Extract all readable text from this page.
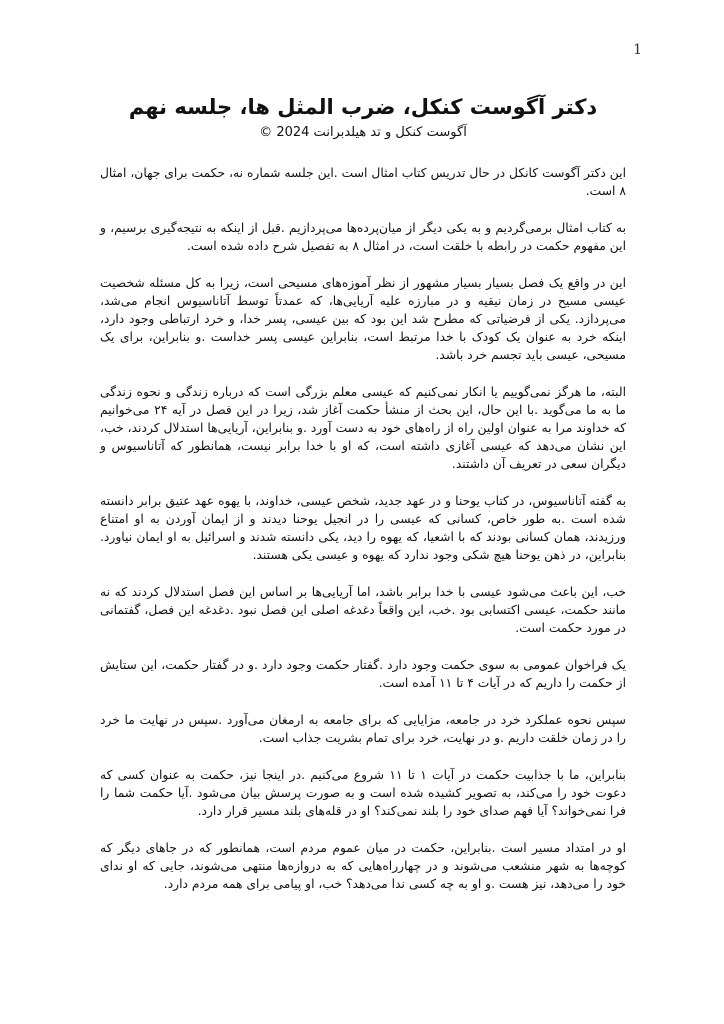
1
دکتر آگوست کنکل، ضرب المثل ها، جلسه نهم
آگوست کنکل و تد هیلدبرانت 2024 ©

این دکتر آگوست کانکل در حال تدریس کتاب امثال است .این جلسه شماره نه، حکمت برای جهان، امثال ۸ است.

به کتاب امثال برمی‌گردیم و به یکی دیگر از میان‌پرده‌ها می‌پردازیم .قبل از اینکه به نتیجه‌گیری برسیم، و این مفهوم حکمت در رابطه با خلقت است، در امثال ۸ به تفصیل شرح داده شده است.

این در واقع یک فصل بسیار بسیار مشهور از نظر آموزه‌های مسیحی است، زیرا به کل مسئله شخصیت عیسی مسیح در زمان نیقیه و در مبارزه علیه آریایی‌ها، که عمدتاً توسط آتاناسیوس انجام می‌شد، می‌پردازد. یکی از فرضیاتی که مطرح شد این بود که بین عیسی، پسر خدا، و خرد ارتباطی وجود دارد، اینکه خرد به عنوان یک کودک با خدا مرتبط است، بنابراین عیسی پسر خداست .و بنابراین، برای یک مسیحی، عیسی باید تجسم خرد باشد.

البته، ما هرگز نمی‌گوییم یا انکار نمی‌کنیم که عیسی معلم بزرگی است که درباره زندگی و نحوه زندگی ما به ما می‌گوید .با این حال، این بحث از منشأ حکمت آغاز شد، زیرا در این فصل در آیه ۲۴ می‌خوانیم که خداوند مرا به عنوان اولین راه از راه‌های خود به دست آورد .و بنابراین، آریایی‌ها استدلال کردند، خب، این نشان می‌دهد که عیسی آغازی داشته است، که او با خدا برابر نیست، همانطور که آتاناسیوس و دیگران سعی در تعریف آن داشتند.

به گفته آتاناسیوس، در کتاب یوحنا و در عهد جدید، شخص عیسی، خداوند، با یهوه عهد عتیق برابر دانسته شده است .به طور خاص، کسانی که عیسی را در انجیل یوحنا دیدند و از ایمان آوردن به او امتناع ورزیدند، همان کسانی بودند که با اشعیا، که یهوه را دید، یکی دانسته شدند و اسرائیل به او ایمان نیاورد. بنابراین، در ذهن یوحنا هیچ شکی وجود ندارد که یهوه و عیسی یکی هستند.

خب، این باعث می‌شود عیسی با خدا برابر باشد، اما آریایی‌ها بر اساس این فصل استدلال کردند که نه مانند حکمت، عیسی اکتسابی بود .خب، این واقعاً دغدغه اصلی این فصل نبود .دغدغه این فصل، گفتمانی در مورد حکمت است.

یک فراخوان عمومی به سوی حکمت وجود دارد .گفتار حکمت وجود دارد .و در گفتار حکمت، این ستایش از حکمت را داریم که در آیات ۴ تا ۱۱ آمده است.

سپس نحوه عملکرد خرد در جامعه، مزایایی که برای جامعه به ارمغان می‌آورد .سپس در نهایت ما خرد را در زمان خلقت داریم .و در نهایت، خرد برای تمام بشریت جذاب است.

بنابراین، ما با جذابیت حکمت در آیات ۱ تا ۱۱ شروع می‌کنیم .در اینجا نیز، حکمت به عنوان کسی که دعوت خود را می‌کند، به تصویر کشیده شده است و به صورت پرسش بیان می‌شود .آیا حکمت شما را فرا نمی‌خواند؟ آیا فهم صدای خود را بلند نمی‌کند؟ او در قله‌های بلند مسیر قرار دارد.

او در امتداد مسیر است .بنابراین، حکمت در میان عموم مردم است، همانطور که در جاهای دیگر که کوچه‌ها به شهر منشعب می‌شوند و در چهارراه‌هایی که به دروازه‌ها منتهی می‌شوند، جایی که او ندای خود را می‌دهد، نیز هست .و او به چه کسی ندا می‌دهد؟ خب، او پیامی برای همه مردم دارد.
